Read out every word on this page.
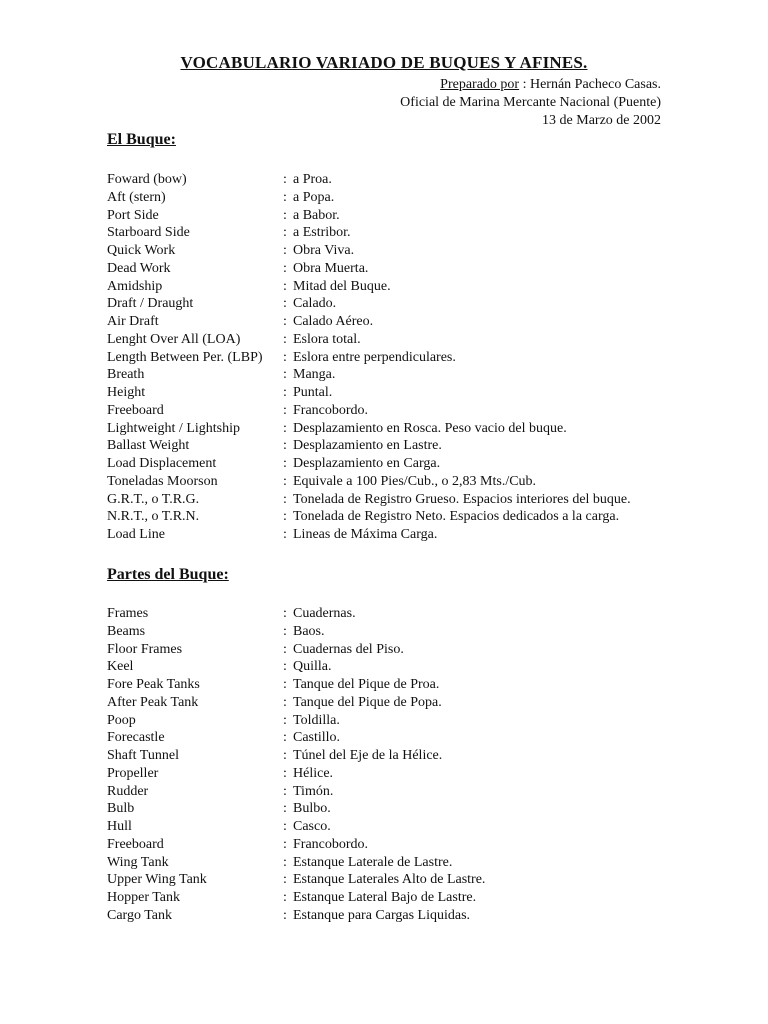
VOCABULARIO VARIADO DE BUQUES Y AFINES.
Preparado por : Hernán Pacheco Casas.
Oficial de Marina Mercante Nacional (Puente)
13 de Marzo de 2002
El Buque:
Foward (bow)	: a Proa.
Aft (stern)	: a Popa.
Port Side	: a Babor.
Starboard Side	: a Estribor.
Quick Work	: Obra Viva.
Dead Work	: Obra Muerta.
Amidship	: Mitad del Buque.
Draft / Draught	: Calado.
Air Draft	: Calado Aéreo.
Lenght Over All (LOA)	: Eslora total.
Length Between Per. (LBP)	: Eslora entre perpendiculares.
Breath	: Manga.
Height	: Puntal.
Freeboard	: Francobordo.
Lightweight / Lightship	: Desplazamiento en Rosca. Peso vacio del buque.
Ballast Weight	: Desplazamiento en Lastre.
Load Displacement	: Desplazamiento en Carga.
Toneladas Moorson	: Equivale a 100 Pies/Cub., o 2,83 Mts./Cub.
G.R.T., o T.R.G.	: Tonelada de Registro Grueso. Espacios interiores del buque.
N.R.T., o T.R.N.	: Tonelada de Registro Neto. Espacios dedicados a la carga.
Load Line	: Lineas de Máxima Carga.
Partes del Buque:
Frames	: Cuadernas.
Beams	: Baos.
Floor Frames	: Cuadernas del Piso.
Keel	: Quilla.
Fore Peak Tanks	: Tanque del Pique de Proa.
After Peak Tank	: Tanque del Pique de Popa.
Poop	: Toldilla.
Forecastle	: Castillo.
Shaft Tunnel	: Túnel del Eje de la Hélice.
Propeller	: Hélice.
Rudder	: Timón.
Bulb	: Bulbo.
Hull	: Casco.
Freeboard	: Francobordo.
Wing Tank	: Estanque Laterale de Lastre.
Upper Wing Tank	: Estanque Laterales Alto de Lastre.
Hopper Tank	: Estanque Lateral Bajo de Lastre.
Cargo Tank	: Estanque para Cargas Liquidas.
